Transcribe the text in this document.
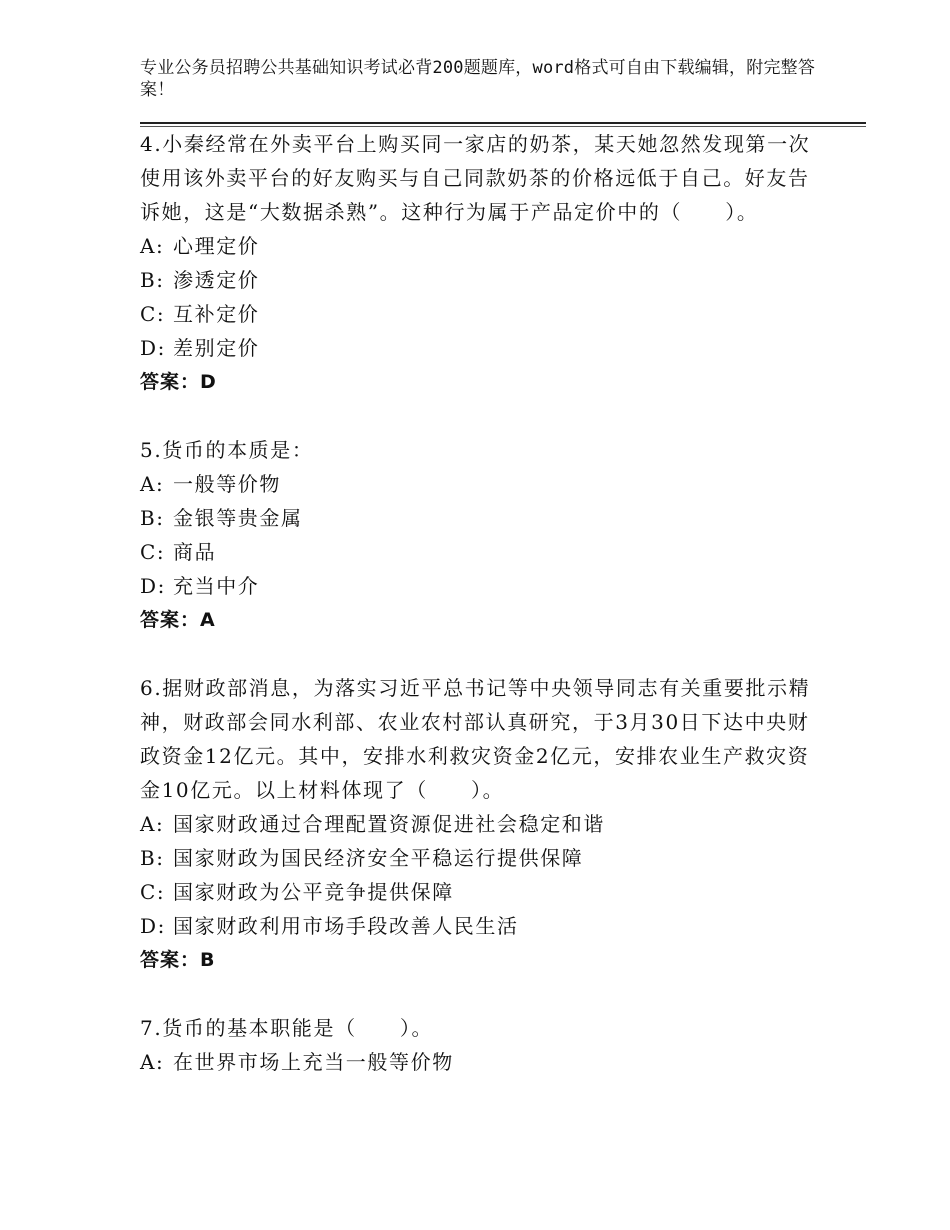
专业公务员招聘公共基础知识考试必背200题题库，word格式可自由下载编辑，附完整答案！
4.小秦经常在外卖平台上购买同一家店的奶茶，某天她忽然发现第一次使用该外卖平台的好友购买与自己同款奶茶的价格远低于自己。好友告诉她，这是“大数据杀熟”。这种行为属于产品定价中的（　　）。
A: 心理定价
B: 渗透定价
C: 互补定价
D: 差别定价
答案：D
5.货币的本质是：
A: 一般等价物
B: 金银等贵金属
C: 商品
D: 充当中介
答案：A
6.据财政部消息，为落实习近平总书记等中央领导同志有关重要批示精神，财政部会同水利部、农业农村部认真研究，于3月30日下达中央财政资金12亿元。其中，安排水利救灾资金2亿元，安排农业生产救灾资金10亿元。以上材料体现了（　　）。
A: 国家财政通过合理配置资源促进社会稳定和谐
B: 国家财政为国民经济安全平稳运行提供保障
C: 国家财政为公平竞争提供保障
D: 国家财政利用市场手段改善人民生活
答案：B
7.货币的基本职能是（　　）。
A: 在世界市场上充当一般等价物
